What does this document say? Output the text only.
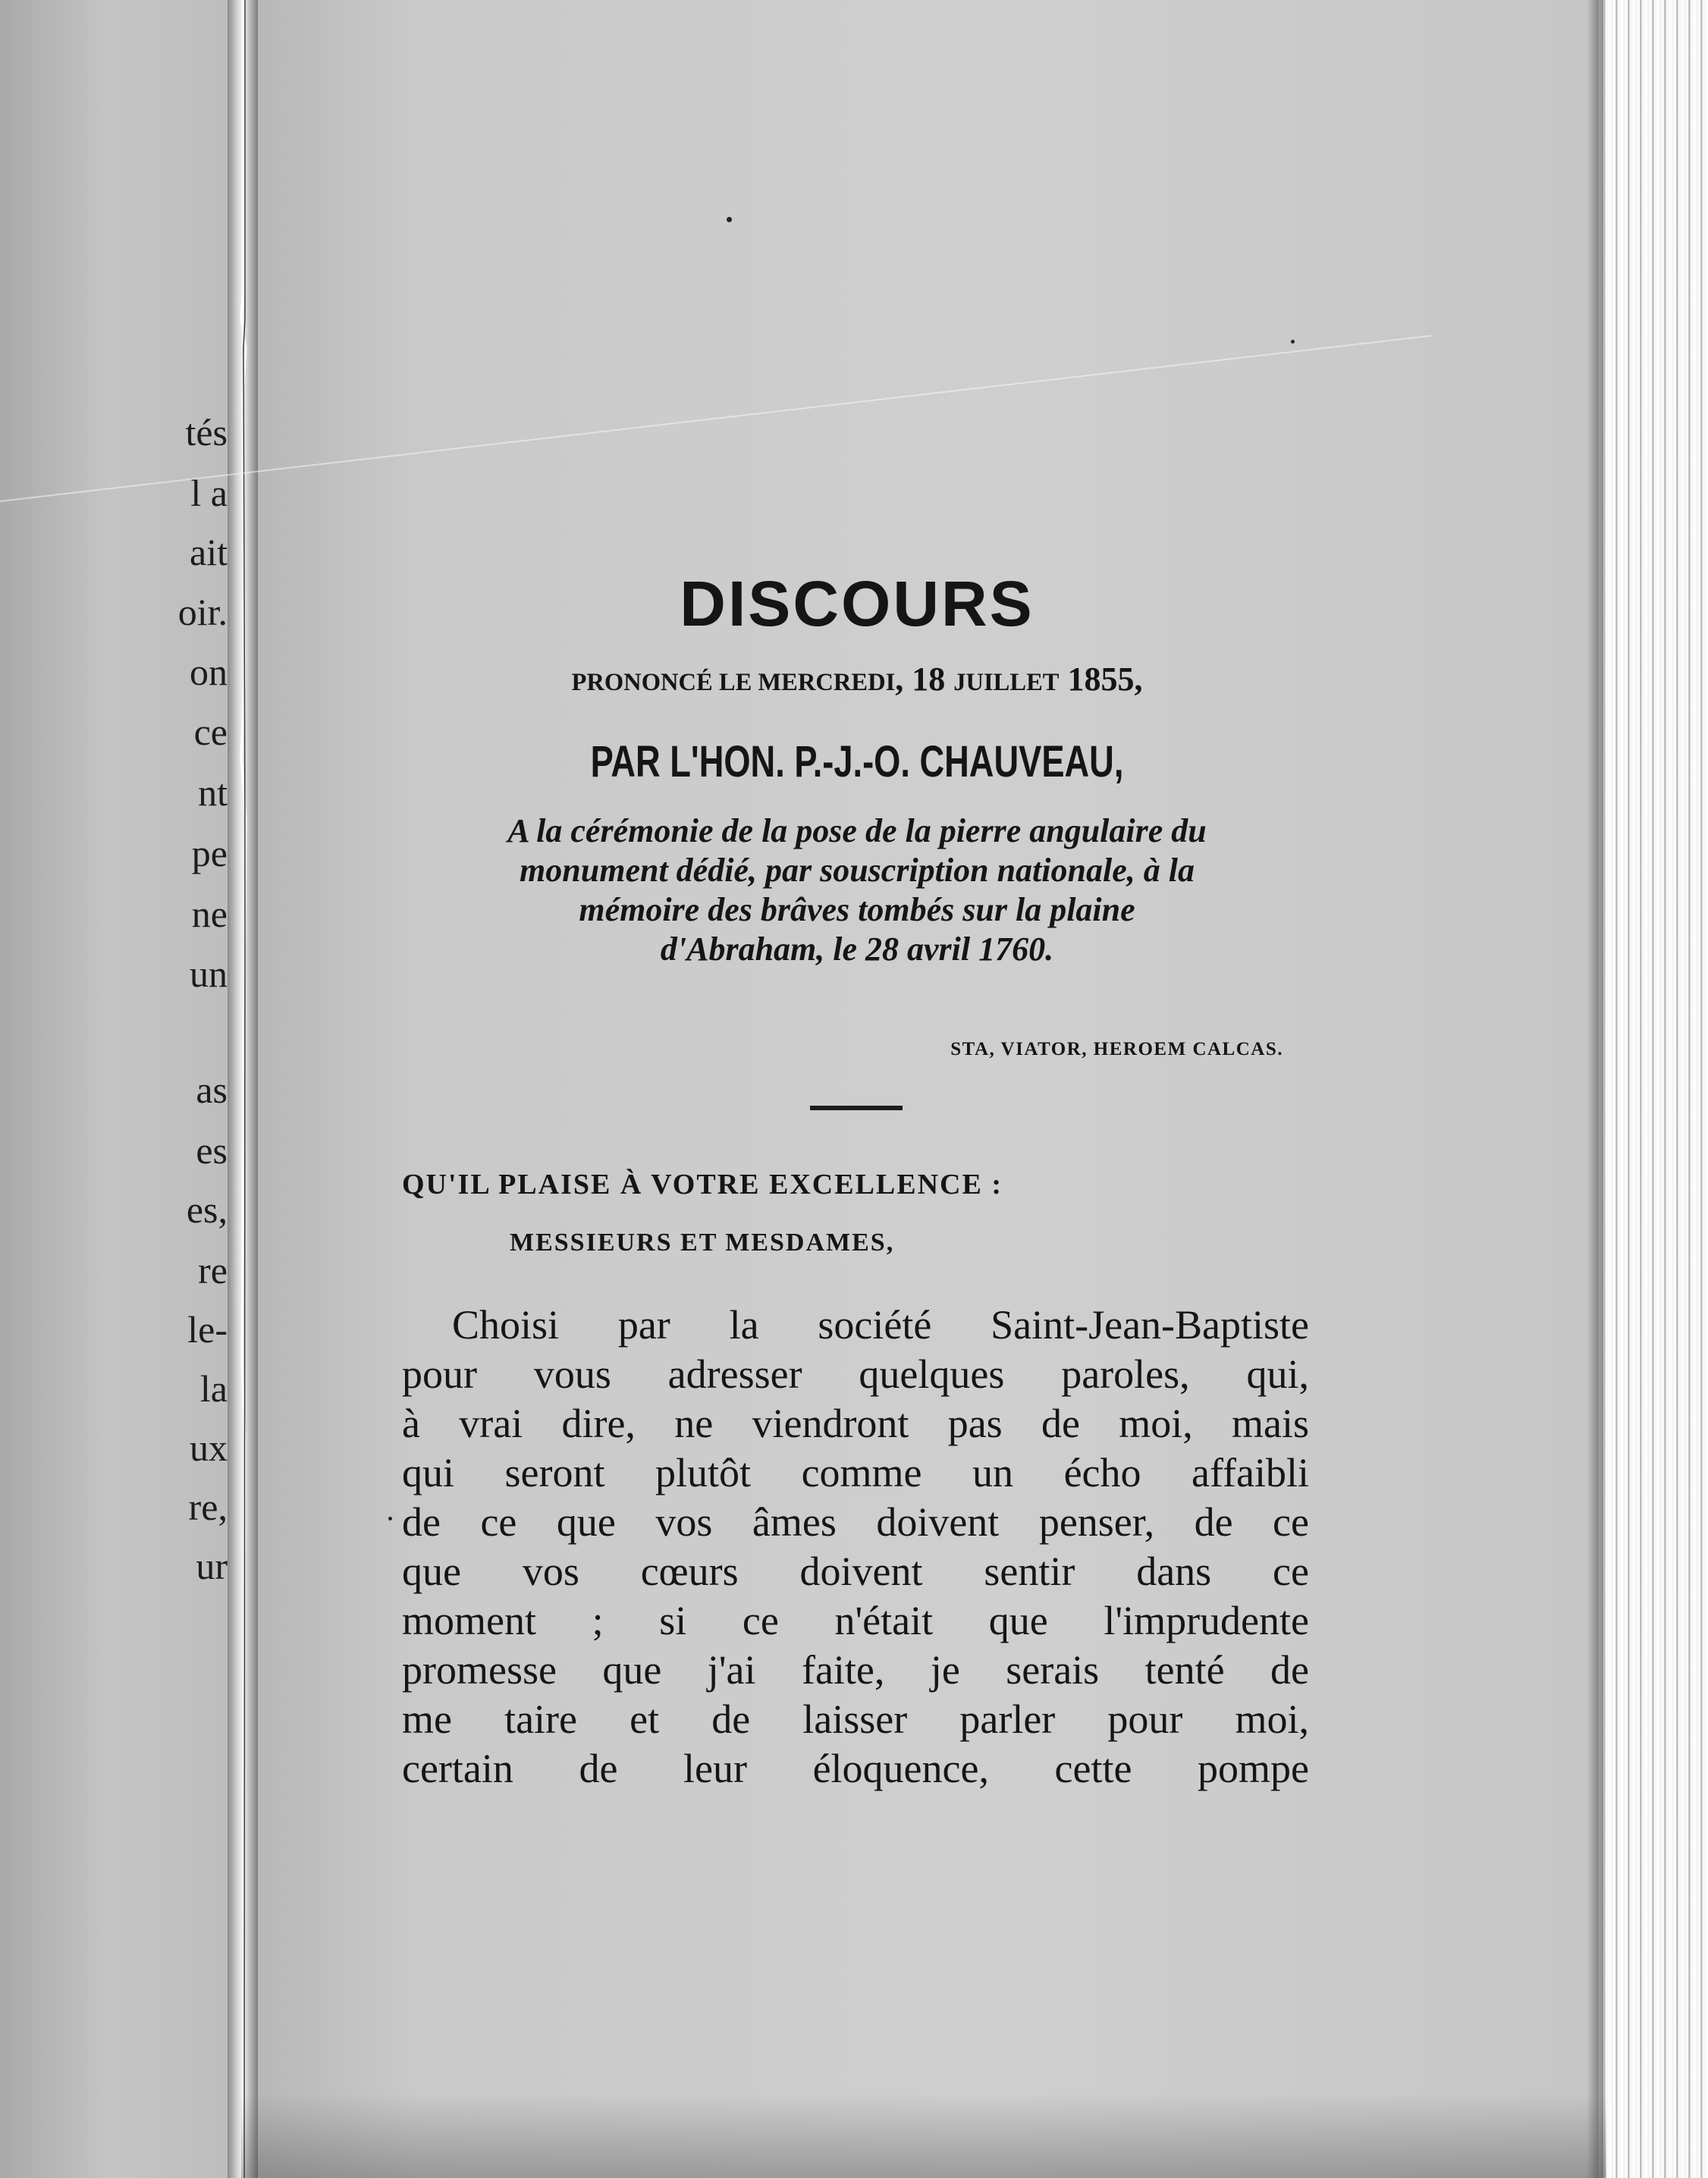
tés

l a

ait

oir.

on

ce

nt

pe

ne

un

as

es

es,

re

le-

la

ux

re,

ur

DISCOURS

PRONONCÉ LE MERCREDI, 18 JUILLET 1855,

PAR L'HON. P.-J.-O. CHAUVEAU,

A la cérémonie de la pose de la pierre angulaire du

monument dédié, par souscription nationale, à la

mémoire des brâves tombés sur la plaine

d'Abraham, le 28 avril 1760.

STA, VIATOR, HEROEM CALCAS.

QU'IL PLAISE À VOTRE EXCELLENCE :

MESSIEURS ET MESDAMES,

Choisi par la société Saint-Jean-Baptiste

pour vous adresser quelques paroles, qui,

à vrai dire, ne viendront pas de moi, mais

qui seront plutôt comme un écho affaibli

de ce que vos âmes doivent penser, de ce

que vos cœurs doivent sentir dans ce

moment ; si ce n'était que l'imprudente

promesse que j'ai faite, je serais tenté de

me taire et de laisser parler pour moi,

certain de leur éloquence, cette pompe
